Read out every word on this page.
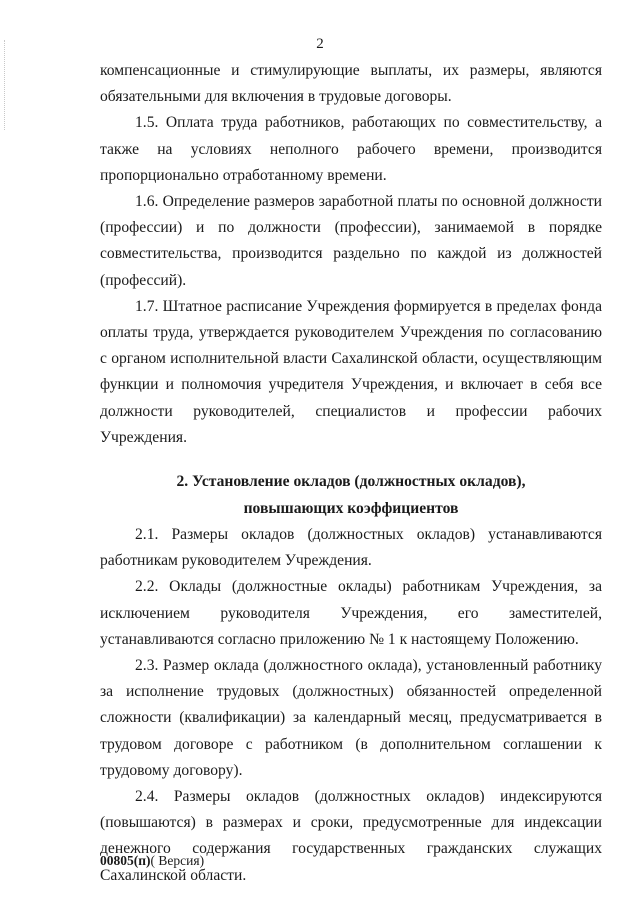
2

компенсационные и стимулирующие выплаты, их размеры, являются обязательными для включения в трудовые договоры.

1.5. Оплата труда работников, работающих по совместительству, а также на условиях неполного рабочего времени, производится пропорционально отработанному времени.

1.6. Определение размеров заработной платы по основной должности (профессии) и по должности (профессии), занимаемой в порядке совместительства, производится раздельно по каждой из должностей (профессий).

1.7. Штатное расписание Учреждения формируется в пределах фонда оплаты труда, утверждается руководителем Учреждения по согласованию с органом исполнительной власти Сахалинской области, осуществляющим функции и полномочия учредителя Учреждения, и включает в себя все должности руководителей, специалистов и профессии рабочих Учреждения.

2. Установление окладов (должностных окладов),
повышающих коэффициентов

2.1. Размеры окладов (должностных окладов) устанавливаются работникам руководителем Учреждения.

2.2. Оклады (должностные оклады) работникам Учреждения, за исключением руководителя Учреждения, его заместителей, устанавливаются согласно приложению № 1 к настоящему Положению.

2.3. Размер оклада (должностного оклада), установленный работнику за исполнение трудовых (должностных) обязанностей определенной сложности (квалификации) за календарный месяц, предусматривается в трудовом договоре с работником (в дополнительном соглашении к трудовому договору).

2.4. Размеры окладов (должностных окладов) индексируются (повышаются) в размерах и сроки, предусмотренные для индексации денежного содержания государственных гражданских служащих Сахалинской области.

00805(п)( Версия)
